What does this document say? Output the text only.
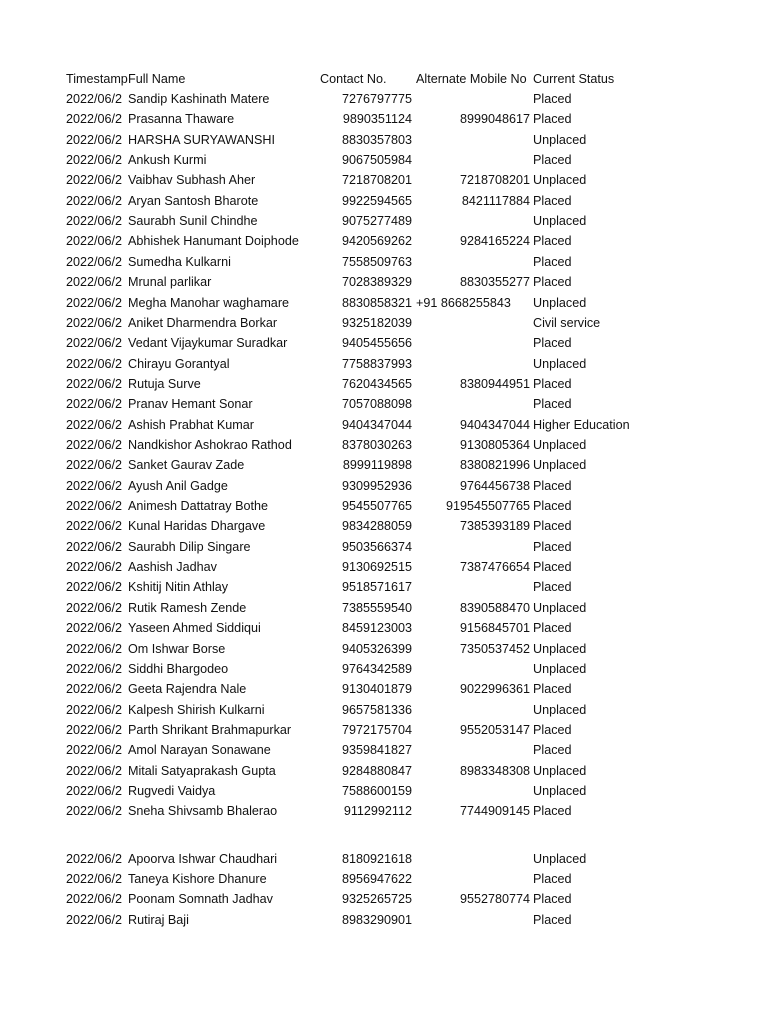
Timestamp Full Name	Contact No.	Alternate Mobile No Current Status
2022/06/2 Sandip Kashinath Matere	7276797775	Placed
2022/06/2 Prasanna Thaware	9890351124	8999048617 Placed
2022/06/2 HARSHA SURYAWANSHI	8830357803	Unplaced
2022/06/2 Ankush Kurmi	9067505984	Placed
2022/06/2 Vaibhav Subhash Aher	7218708201	7218708201 Unplaced
2022/06/2 Aryan Santosh Bharote	9922594565	8421117884 Placed
2022/06/2 Saurabh Sunil Chindhe	9075277489	Unplaced
2022/06/2 Abhishek Hanumant Doiphode	9420569262	9284165224 Placed
2022/06/2 Sumedha Kulkarni	7558509763	Placed
2022/06/2 Mrunal parlikar	7028389329	8830355277 Placed
2022/06/2 Megha Manohar waghamare	8830858321 +91 8668255843	Unplaced
2022/06/2 Aniket Dharmendra Borkar	9325182039	Civil service
2022/06/2 Vedant Vijaykumar Suradkar	9405455656	Placed
2022/06/2 Chirayu Gorantyal	7758837993	Unplaced
2022/06/2 Rutuja Surve	7620434565	8380944951 Placed
2022/06/2 Pranav Hemant Sonar	7057088098	Placed
2022/06/2 Ashish Prabhat Kumar	9404347044	9404347044 Higher Education
2022/06/2 Nandkishor Ashokrao Rathod	8378030263	9130805364 Unplaced
2022/06/2 Sanket Gaurav Zade	8999119898	8380821996 Unplaced
2022/06/2 Ayush Anil Gadge	9309952936	9764456738 Placed
2022/06/2 Animesh Dattatray Bothe	9545507765	919545507765 Placed
2022/06/2 Kunal Haridas Dhargave	9834288059	7385393189 Placed
2022/06/2 Saurabh Dilip Singare	9503566374	Placed
2022/06/2 Aashish Jadhav	9130692515	7387476654 Placed
2022/06/2 Kshitij Nitin Athlay	9518571617	Placed
2022/06/2 Rutik Ramesh Zende	7385559540	8390588470 Unplaced
2022/06/2 Yaseen Ahmed Siddiqui	8459123003	9156845701 Placed
2022/06/2 Om Ishwar Borse	9405326399	7350537452 Unplaced
2022/06/2 Siddhi Bhargodeo	9764342589	Unplaced
2022/06/2 Geeta Rajendra Nale	9130401879	9022996361 Placed
2022/06/2 Kalpesh Shirish Kulkarni	9657581336	Unplaced
2022/06/2 Parth Shrikant Brahmapurkar	7972175704	9552053147 Placed
2022/06/2 Amol Narayan Sonawane	9359841827	Placed
2022/06/2 Mitali Satyaprakash Gupta	9284880847	8983348308 Unplaced
2022/06/2 Rugvedi Vaidya	7588600159	Unplaced
2022/06/2 Sneha Shivsamb Bhalerao	9112992112	7744909145 Placed
2022/06/2 Apoorva Ishwar Chaudhari	8180921618	Unplaced
2022/06/2 Taneya Kishore Dhanure	8956947622	Placed
2022/06/2 Poonam Somnath Jadhav	9325265725	9552780774 Placed
2022/06/2 Rutiraj Baji	8983290901	Placed
